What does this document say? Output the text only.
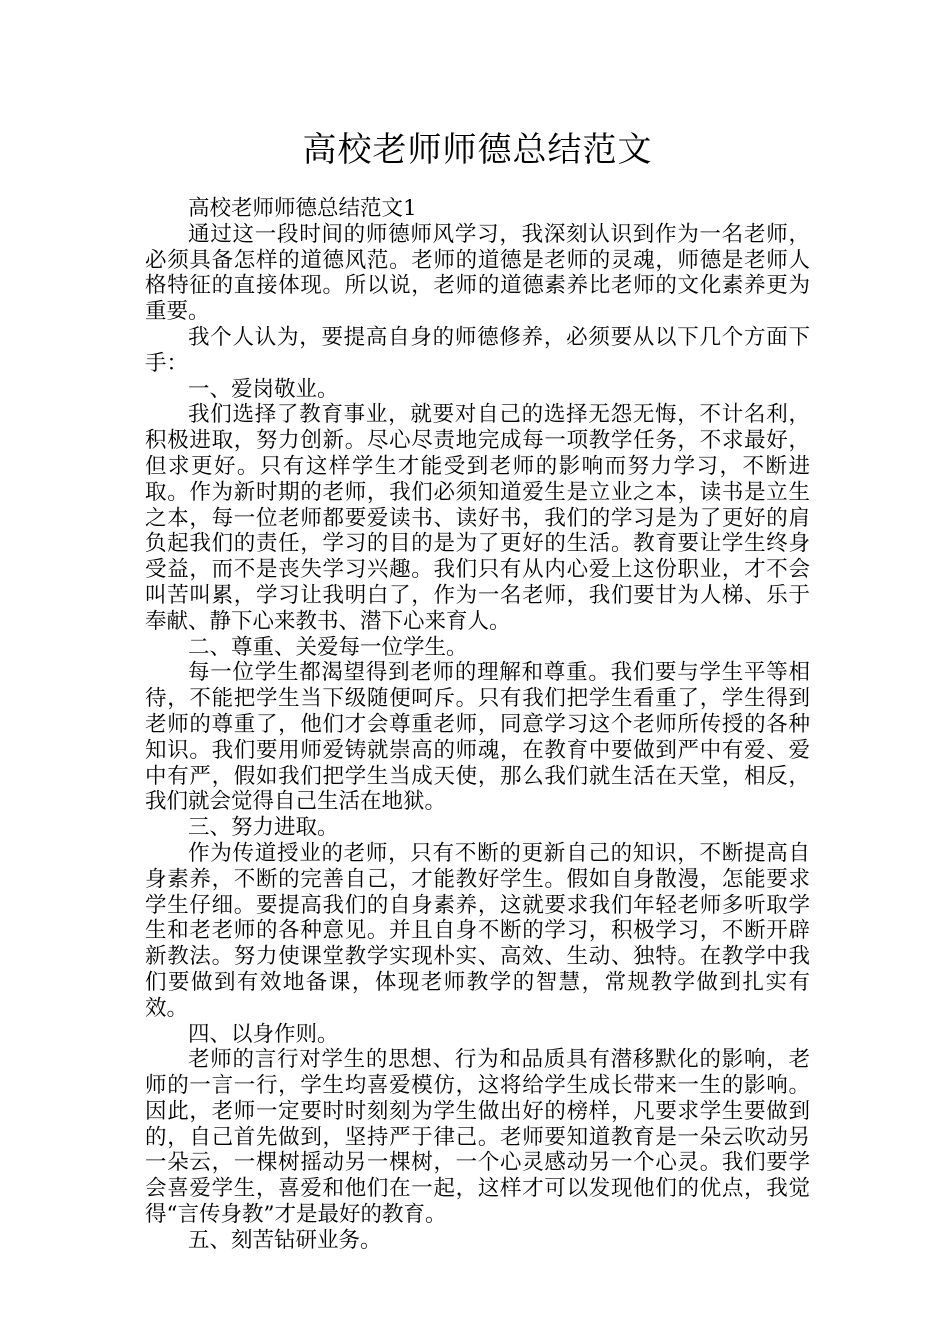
高校老师师德总结范文

高校老师师德总结范文1

通过这一段时间的师德师风学习，我深刻认识到作为一名老师，必须具备怎样的道德风范。老师的道德是老师的灵魂，师德是老师人格特征的直接体现。所以说，老师的道德素养比老师的文化素养更为重要。

我个人认为，要提高自身的师德修养，必须要从以下几个方面下手：

一、爱岗敬业。

我们选择了教育事业，就要对自己的选择无怨无悔，不计名利，积极进取，努力创新。尽心尽责地完成每一项教学任务，不求最好，但求更好。只有这样学生才能受到老师的影响而努力学习，不断进取。作为新时期的老师，我们必须知道爱生是立业之本，读书是立生之本，每一位老师都要爱读书、读好书，我们的学习是为了更好的肩负起我们的责任，学习的目的是为了更好的生活。教育要让学生终身受益，而不是丧失学习兴趣。我们只有从内心爱上这份职业，才不会叫苦叫累，学习让我明白了，作为一名老师，我们要甘为人梯、乐于奉献、静下心来教书、潜下心来育人。

二、尊重、关爱每一位学生。

每一位学生都渴望得到老师的理解和尊重。我们要与学生平等相待，不能把学生当下级随便呵斥。只有我们把学生看重了，学生得到老师的尊重了，他们才会尊重老师，同意学习这个老师所传授的各种知识。我们要用师爱铸就崇高的师魂，在教育中要做到严中有爱、爱中有严，假如我们把学生当成天使，那么我们就生活在天堂，相反，我们就会觉得自己生活在地狱。

三、努力进取。

作为传道授业的老师，只有不断的更新自己的知识，不断提高自身素养，不断的完善自己，才能教好学生。假如自身散漫，怎能要求学生仔细。要提高我们的自身素养，这就要求我们年轻老师多听取学生和老老师的各种意见。并且自身不断的学习，积极学习，不断开辟新教法。努力使课堂教学实现朴实、高效、生动、独特。在教学中我们要做到有效地备课，体现老师教学的智慧，常规教学做到扎实有效。

四、以身作则。

老师的言行对学生的思想、行为和品质具有潜移默化的影响，老师的一言一行，学生均喜爱模仿，这将给学生成长带来一生的影响。因此，老师一定要时时刻刻为学生做出好的榜样，凡要求学生要做到的，自己首先做到，坚持严于律己。老师要知道教育是一朵云吹动另一朵云，一棵树摇动另一棵树，一个心灵感动另一个心灵。我们要学会喜爱学生，喜爱和他们在一起，这样才可以发现他们的优点，我觉得“言传身教”才是最好的教育。

五、刻苦钻研业务。
